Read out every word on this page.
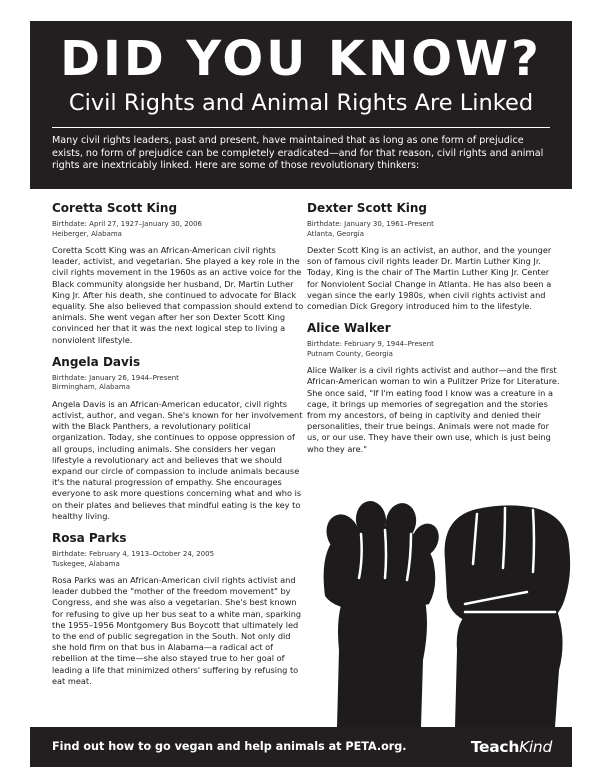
DID YOU KNOW?
Civil Rights and Animal Rights Are Linked
Many civil rights leaders, past and present, have maintained that as long as one form of prejudice exists, no form of prejudice can be completely eradicated—and for that reason, civil rights and animal rights are inextricably linked. Here are some of those revolutionary thinkers:
Coretta Scott King
Birthdate: April 27, 1927–January 30, 2006
Heiberger, Alabama

Coretta Scott King was an African-American civil rights leader, activist, and vegetarian. She played a key role in the civil rights movement in the 1960s as an active voice for the Black community alongside her husband, Dr. Martin Luther King Jr. After his death, she continued to advocate for Black equality. She also believed that compassion should extend to animals. She went vegan after her son Dexter Scott King convinced her that it was the next logical step to living a nonviolent lifestyle.

Angela Davis
Birthdate: January 26, 1944–Present
Birmingham, Alabama

Angela Davis is an African-American educator, civil rights activist, author, and vegan. She's known for her involvement with the Black Panthers, a revolutionary political organization. Today, she continues to oppose oppression of all groups, including animals. She considers her vegan lifestyle a revolutionary act and believes that we should expand our circle of compassion to include animals because it's the natural progression of empathy. She encourages everyone to ask more questions concerning what and who is on their plates and believes that mindful eating is the key to healthy living.

Rosa Parks
Birthdate: February 4, 1913–October 24, 2005
Tuskegee, Alabama

Rosa Parks was an African-American civil rights activist and leader dubbed the "mother of the freedom movement" by Congress, and she was also a vegetarian. She's best known for refusing to give up her bus seat to a white man, sparking the 1955–1956 Montgomery Bus Boycott that ultimately led to the end of public segregation in the South. Not only did she hold firm on that bus in Alabama—a radical act of rebellion at the time—she also stayed true to her goal of leading a life that minimized others' suffering by refusing to eat meat.

Dexter Scott King
Birthdate: January 30, 1961–Present
Atlanta, Georgia

Dexter Scott King is an activist, an author, and the younger son of famous civil rights leader Dr. Martin Luther King Jr. Today, King is the chair of The Martin Luther King Jr. Center for Nonviolent Social Change in Atlanta. He has also been a vegan since the early 1980s, when civil rights activist and comedian Dick Gregory introduced him to the lifestyle.

Alice Walker
Birthdate: February 9, 1944–Present
Putnam County, Georgia

Alice Walker is a civil rights activist and author—and the first African-American woman to win a Pulitzer Prize for Literature. She once said, "If I'm eating food I know was a creature in a cage, it brings up memories of segregation and the stories from my ancestors, of being in captivity and denied their personalities, their true beings. Animals were not made for us, or our use. They have their own use, which is just being who they are."

Find out how to go vegan and help animals at PETA.org.	TeachKind
